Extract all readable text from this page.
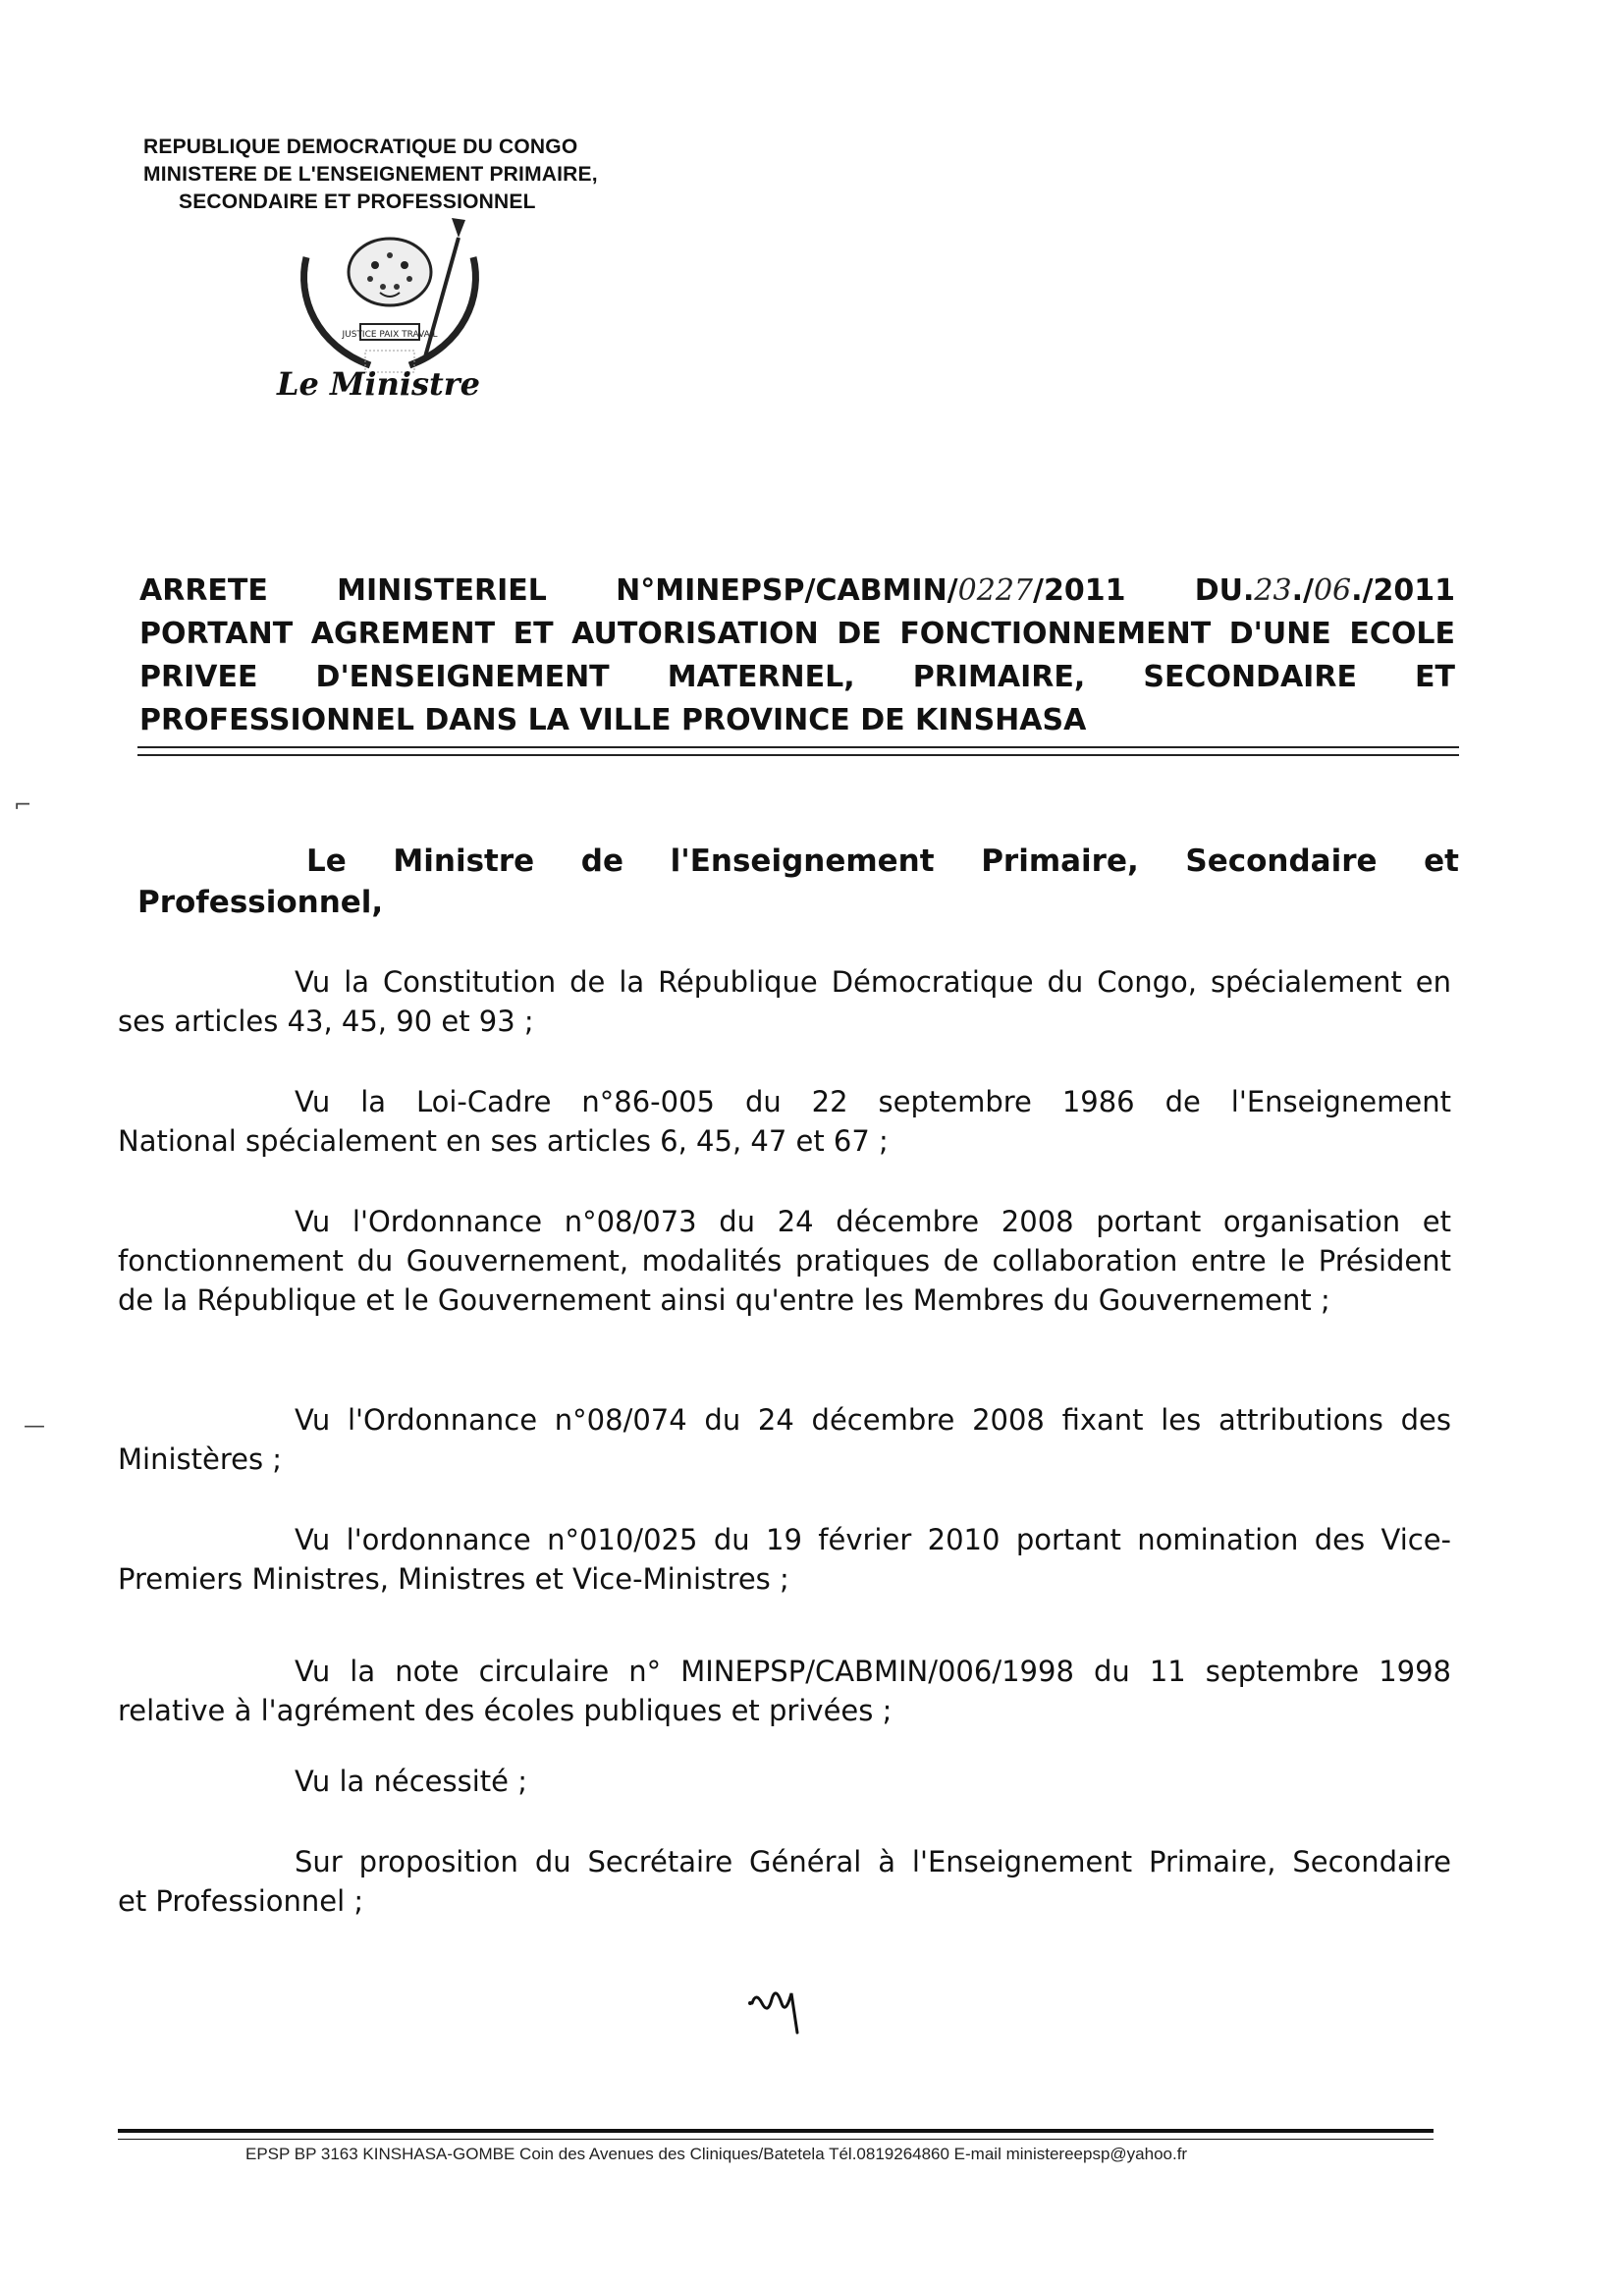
REPUBLIQUE DEMOCRATIQUE DU CONGO
MINISTERE DE L'ENSEIGNEMENT PRIMAIRE,
SECONDAIRE ET PROFESSIONNEL
JUSTICE PAIX TRAVAIL
Le Ministre
ARRETE MINISTERIEL N°MINEPSP/CABMIN/0227/2011 DU.23./06./2011
PORTANT AGREMENT ET AUTORISATION DE FONCTIONNEMENT D'UNE ECOLE
PRIVEE D'ENSEIGNEMENT MATERNEL, PRIMAIRE, SECONDAIRE ET
PROFESSIONNEL DANS LA VILLE PROVINCE DE KINSHASA
⌐
—
Le Ministre de l'Enseignement Primaire, Secondaire et
Professionnel,
Vu la Constitution de la République Démocratique du Congo, spécialement en
ses articles 43, 45, 90 et 93 ;
Vu la Loi-Cadre n°86-005 du 22 septembre 1986 de l'Enseignement
National spécialement en ses articles 6, 45, 47 et 67 ;
Vu l'Ordonnance n°08/073 du 24 décembre 2008 portant organisation et
fonctionnement du Gouvernement, modalités pratiques de collaboration entre le Président de la République et le Gouvernement ainsi qu'entre les Membres du Gouvernement ;
Vu l'Ordonnance n°08/074 du 24 décembre 2008 fixant les attributions des
Ministères ;
Vu l'ordonnance n°010/025 du 19 février 2010 portant nomination des Vice-
Premiers Ministres, Ministres et Vice-Ministres ;
Vu la note circulaire n° MINEPSP/CABMIN/006/1998 du 11 septembre 1998
relative à l'agrément des écoles publiques et privées ;
Vu la nécessité ;
Sur proposition du Secrétaire Général à l'Enseignement Primaire, Secondaire
et Professionnel ;
EPSP BP 3163 KINSHASA-GOMBE Coin des Avenues des Cliniques/Batetela Tél.0819264860 E-mail ministereepsp@yahoo.fr
